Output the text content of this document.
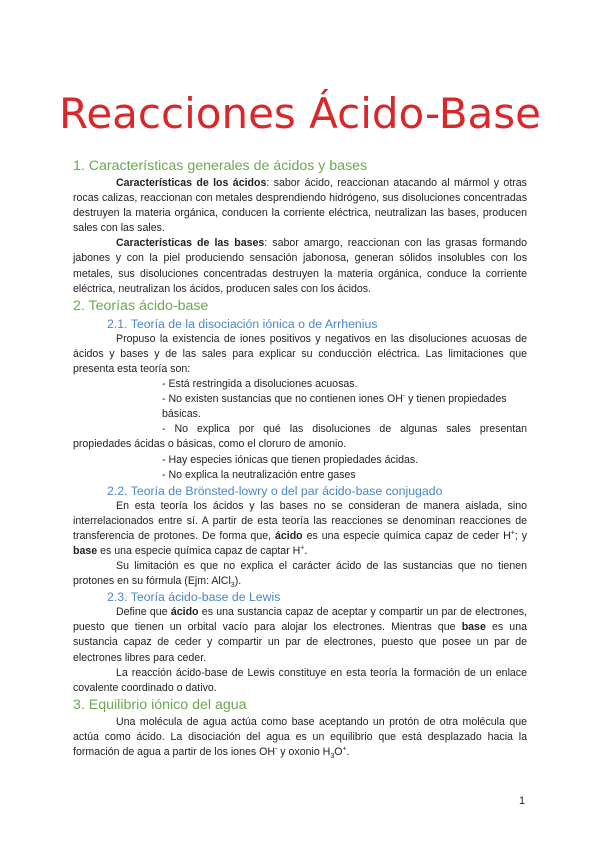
Reacciones Ácido-Base
1. Características generales de ácidos y bases

Características de los ácidos: sabor ácido, reaccionan atacando al mármol y otras rocas calizas, reaccionan con metales desprendiendo hidrógeno, sus disoluciones concentradas destruyen la materia orgánica, conducen la corriente eléctrica, neutralizan las bases, producen sales con las sales.

Características de las bases: sabor amargo, reaccionan con las grasas formando jabones y con la piel produciendo sensación jabonosa, generan sólidos insolubles con los metales, sus disoluciones concentradas destruyen la materia orgánica, conduce la corriente eléctrica, neutralizan los ácidos, producen sales con los ácidos.

2. Teorías ácido-base
2.1. Teoría de la disociación iónica o de Arrhenius

Propuso la existencia de iones positivos y negativos en las disoluciones acuosas de ácidos y bases y de las sales para explicar su conducción eléctrica. Las limitaciones que presenta esta teoría son:

- Está restringida a disoluciones acuosas.

- No existen sustancias que no contienen iones OH- y tienen propiedades básicas.

- No explica por qué las disoluciones de algunas sales presentan propiedades ácidas o básicas, como el cloruro de amonio.

- Hay especies iónicas que tienen propiedades ácidas.

- No explica la neutralización entre gases

2.2. Teoría de Brönsted-lowry o del par ácido-base conjugado

En esta teoría los ácidos y las bases no se consideran de manera aislada, sino interrelacionados entre sí. A partir de esta teoría las reacciones se denominan reacciones de transferencia de protones. De forma que, ácido es una especie química capaz de ceder H+; y base es una especie química capaz de captar H+.

Su limitación es que no explica el carácter ácido de las sustancias que no tienen protones en su fórmula (Ejm: AlCl$_3$).

2.3. Teoría ácido-base de Lewis

Define que ácido es una sustancia capaz de aceptar y compartir un par de electrones, puesto que tienen un orbital vacío para alojar los electrones. Mientras que base es una sustancia capaz de ceder y compartir un par de electrones, puesto que posee un par de electrones libres para ceder.

La reacción ácido-base de Lewis constituye en esta teoría la formación de un enlace covalente coordinado o dativo.

3. Equilibrio iónico del agua

Una molécula de agua actúa como base aceptando un protón de otra molécula que actúa como ácido. La disociación del agua es un equilibrio que está desplazado hacia la formación de agua a partir de los iones OH- y oxonio $H_3O^+$.

1
